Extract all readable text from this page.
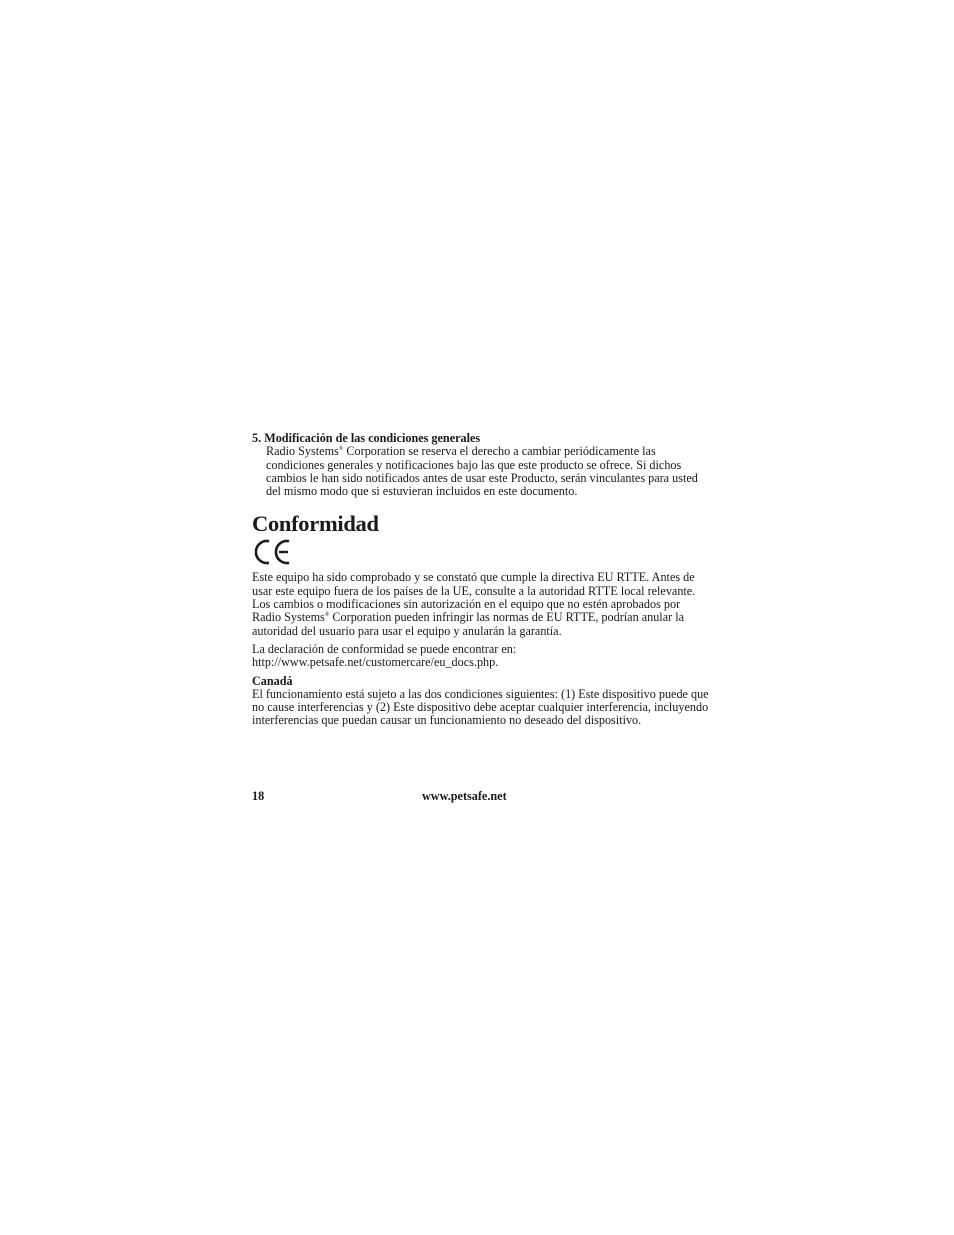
5. Modificación de las condiciones generales

Radio Systems® Corporation se reserva el derecho a cambiar periódicamente las condiciones generales y notificaciones bajo las que este producto se ofrece. Si dichos cambios le han sido notificados antes de usar este Producto, serán vinculantes para usted del mismo modo que si estuvieran incluidos en este documento.

Conformidad

Este equipo ha sido comprobado y se constató que cumple la directiva EU RTTE. Antes de usar este equipo fuera de los países de la UE, consulte a la autoridad RTTE local relevante. Los cambios o modificaciones sin autorización en el equipo que no estén aprobados por Radio Systems® Corporation pueden infringir las normas de EU RTTE, podrían anular la autoridad del usuario para usar el equipo y anularán la garantía.

La declaración de conformidad se puede encontrar en: http://www.petsafe.net/customercare/eu_docs.php.

Canadá

El funcionamiento está sujeto a las dos condiciones siguientes: (1) Este dispositivo puede que no cause interferencias y (2) Este dispositivo debe aceptar cualquier interferencia, incluyendo interferencias que puedan causar un funcionamiento no deseado del dispositivo.

18	www.petsafe.net
